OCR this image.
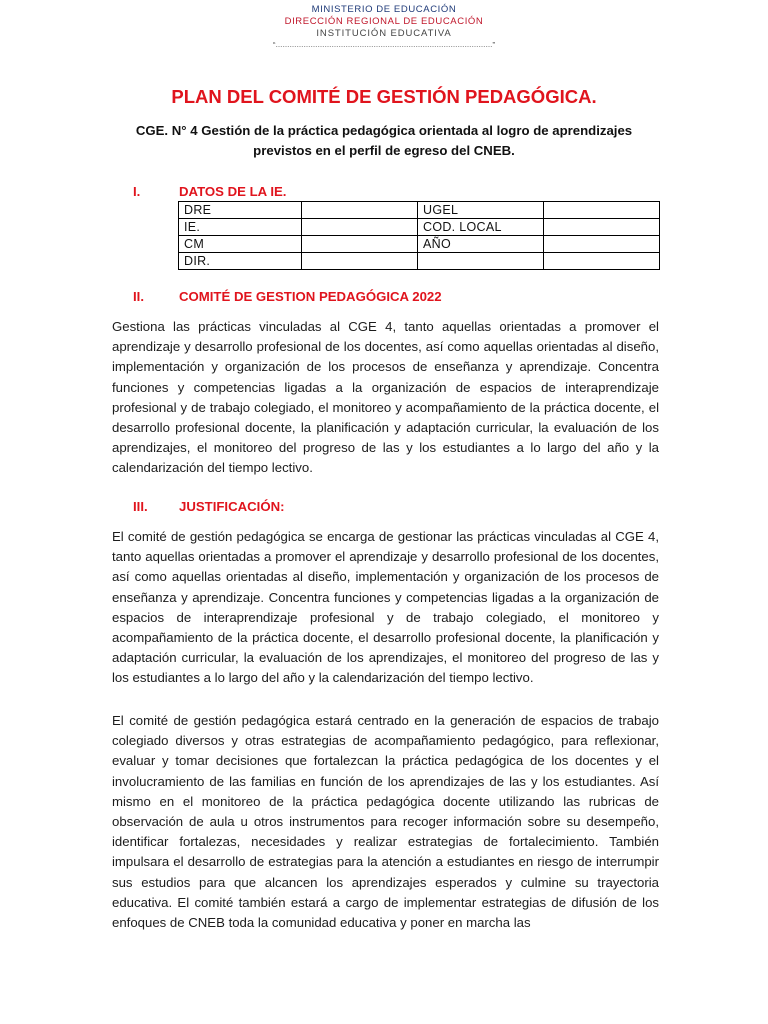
MINISTERIO DE EDUCACIÓN
DIRECCIÓN REGIONAL DE EDUCACIÓN
INSTITUCIÓN EDUCATIVA
“…………………………………………………………………………………”
PLAN DEL COMITÉ DE GESTIÓN PEDAGÓGICA.
CGE. N° 4 Gestión de la práctica pedagógica orientada al logro de aprendizajes previstos en el perfil de egreso del CNEB.
I.	DATOS DE LA IE.
DRE		UGEL	
IE.		COD. LOCAL	
CM		AÑO	
DIR.			
II.	COMITÉ DE GESTION PEDAGÓGICA 2022

Gestiona las prácticas vinculadas al CGE 4, tanto aquellas orientadas a promover el aprendizaje y desarrollo profesional de los docentes, así como aquellas orientadas al diseño, implementación y organización de los procesos de enseñanza y aprendizaje. Concentra funciones y competencias ligadas a la organización de espacios de interaprendizaje profesional y de trabajo colegiado, el monitoreo y acompañamiento de la práctica docente, el desarrollo profesional docente, la planificación y adaptación curricular, la evaluación de los aprendizajes, el monitoreo del progreso de las y los estudiantes a lo largo del año y la calendarización del tiempo lectivo.

III. JUSTIFICACIÓN:

El comité de gestión pedagógica se encarga de gestionar las prácticas vinculadas al CGE 4, tanto aquellas orientadas a promover el aprendizaje y desarrollo profesional de los docentes, así como aquellas orientadas al diseño, implementación y organización de los procesos de enseñanza y aprendizaje. Concentra funciones y competencias ligadas a la organización de espacios de interaprendizaje profesional y de trabajo colegiado, el monitoreo y acompañamiento de la práctica docente, el desarrollo profesional docente, la planificación y adaptación curricular, la evaluación de los aprendizajes, el monitoreo del progreso de las y los estudiantes a lo largo del año y la calendarización del tiempo lectivo.

El comité de gestión pedagógica estará centrado en la generación de espacios de trabajo colegiado diversos y otras estrategias de acompañamiento pedagógico, para reflexionar, evaluar y tomar decisiones que fortalezcan la práctica pedagógica de los docentes y el involucramiento de las familias en función de los aprendizajes de las y los estudiantes. Así mismo en el monitoreo de la práctica pedagógica docente utilizando las rubricas de observación de aula u otros instrumentos para recoger información sobre su desempeño, identificar fortalezas, necesidades y realizar estrategias de fortalecimiento. También impulsara el desarrollo de estrategias para la atención a estudiantes en riesgo de interrumpir sus estudios para que alcancen los aprendizajes esperados y culmine su trayectoria educativa. El comité también estará a cargo de implementar estrategias de difusión de los enfoques de CNEB toda la comunidad educativa y poner en marcha las
